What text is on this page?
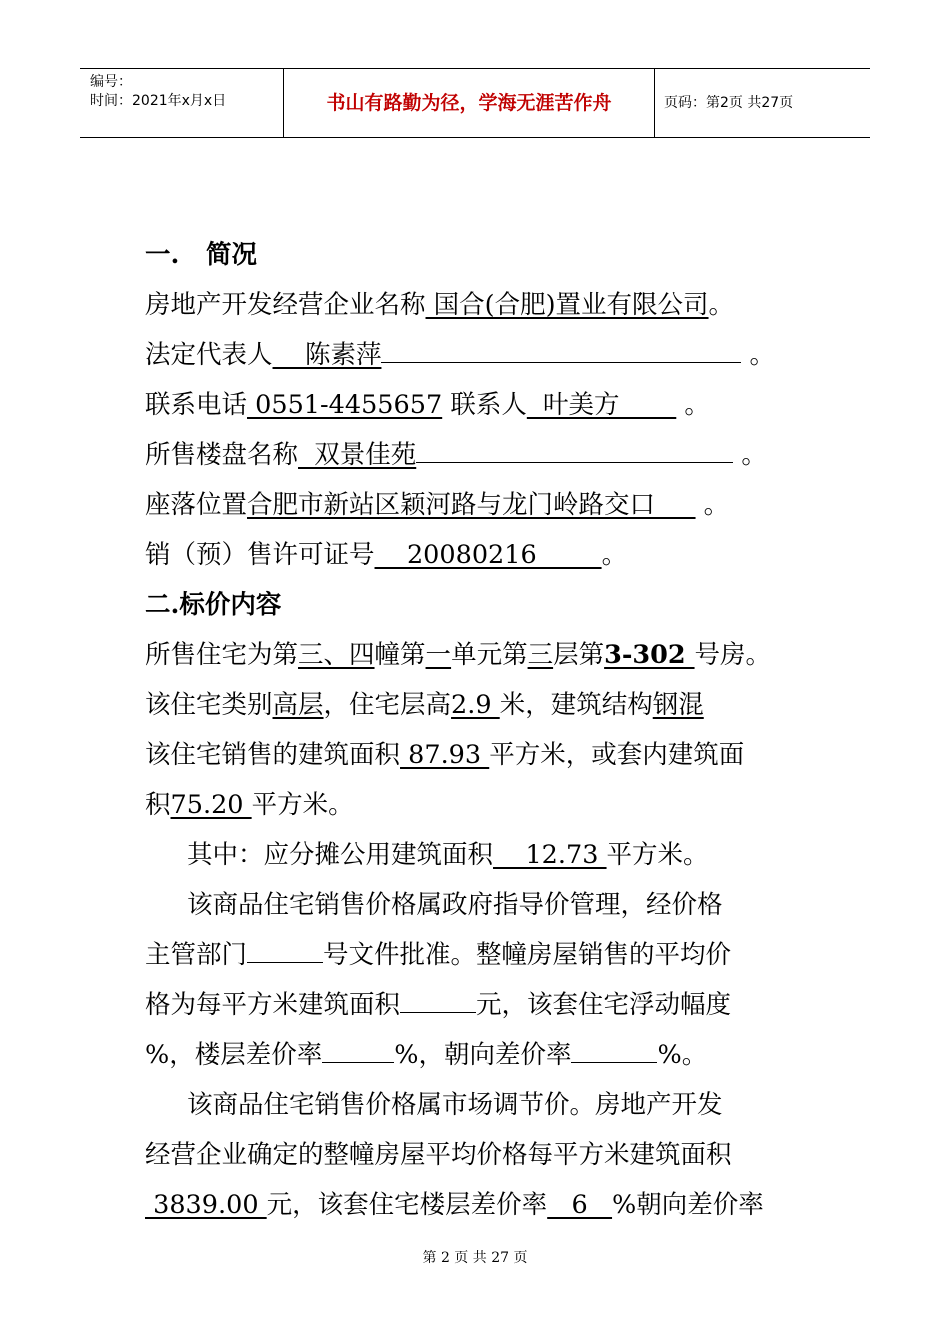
编号：
时间：2021年x月x日	书山有路勤为径，学海无涯苦作舟	页码：第2页 共27页
一.   简况
房地产开发经营企业名称 国合(合肥)置业有限公司。
法定代表人    陈素萍	。
联系电话 0551-4455657 联系人  叶美方        。
所售楼盘名称  双景佳苑	。
座落位置合肥市新站区颖河路与龙门岭路交口      。
销（预）售许可证号    20080216        。
二.标价内容
所售住宅为第三、四幢第一单元第三层第3-302 号房。
该住宅类别高层，住宅层高2.9 米，建筑结构钢混
该住宅销售的建筑面积 87.93 平方米，或套内建筑面
积75.20 平方米。
其中：应分摊公用建筑面积    12.73 平方米。
该商品住宅销售价格属政府指导价管理，经价格
主管部门	号文件批准。整幢房屋销售的平均价
格为每平方米建筑面积	元，该套住宅浮动幅度
%，楼层差价率	%，朝向差价率	%。
该商品住宅销售价格属市场调节价。房地产开发
经营企业确定的整幢房屋平均价格每平方米建筑面积
3839.00 元，该套住宅楼层差价率   6   %朝向差价率
第 2 页 共 27 页
